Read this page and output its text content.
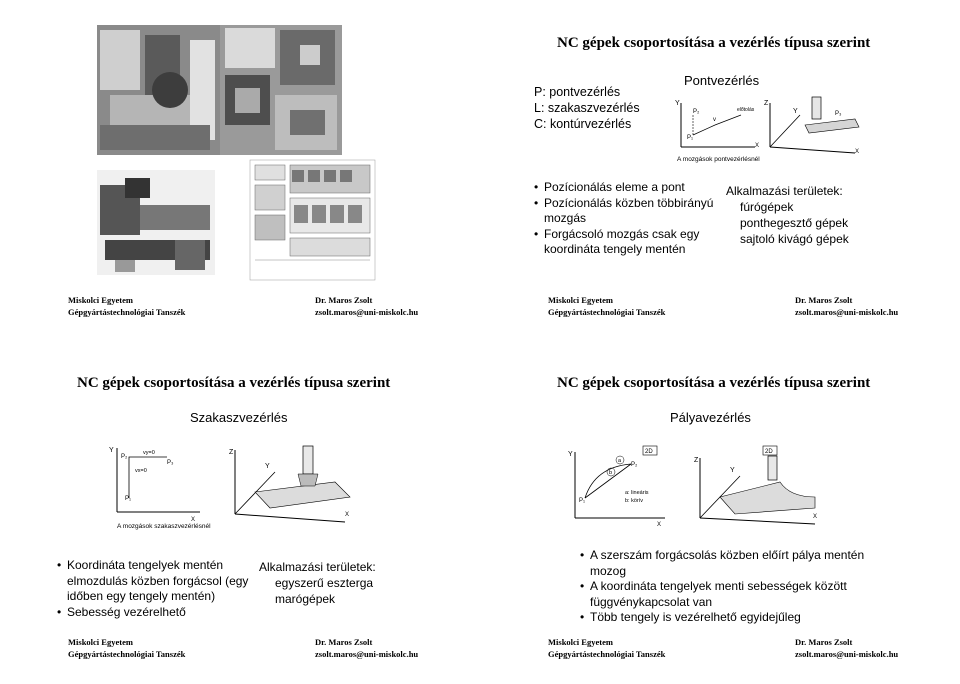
Miskolci Egyetem
Gépgyártástechnológiai Tanszék
Dr. Maros Zsolt
zsolt.maros@uni-miskolc.hu
NC gépek csoportosítása a vezérlés típusa szerint
P: pontvezérlés
L: szakaszvezérlés
C: kontúrvezérlés
Pontvezérlés
Y
P₂
P₁
v
X
előtolás
Z
Y	P₃
X
A mozgások pontvezérlésnél
• Pozícionálás eleme a pont
• Pozícionálás közben többirányú mozgás
• Forgácsoló mozgás csak egy koordináta tengely mentén
Alkalmazási területek:
fúrógépek
ponthegesztő gépek
sajtoló kivágó gépek
Miskolci Egyetem
Gépgyártástechnológiai Tanszék
Dr. Maros Zsolt
zsolt.maros@uni-miskolc.hu
NC gépek csoportosítása a vezérlés típusa szerint
Szakaszvezérlés
Y
P₂
vy=0
vx=0
P₃
P₁
X
Z
Y
X
A mozgások szakaszvezérlésnél
• Koordináta tengelyek mentén elmozdulás közben forgácsol (egy időben egy tengely mentén)
• Sebesség vezérelhető
Alkalmazási területek:
egyszerű eszterga
marógépek
Miskolci Egyetem
Gépgyártástechnológiai Tanszék
Dr. Maros Zsolt
zsolt.maros@uni-miskolc.hu
NC gépek csoportosítása a vezérlés típusa szerint
Pályavezérlés
Y	2D
a
b
P₂
P₁
a: lineáris
b: körív
X
Z
Y
2D
X
• A szerszám forgácsolás közben előírt pálya mentén mozog
• A koordináta tengelyek menti sebességek között függvénykapcsolat van
• Több tengely is vezérelhető egyidejűleg
Miskolci Egyetem
Gépgyártástechnológiai Tanszék
Dr. Maros Zsolt
zsolt.maros@uni-miskolc.hu
